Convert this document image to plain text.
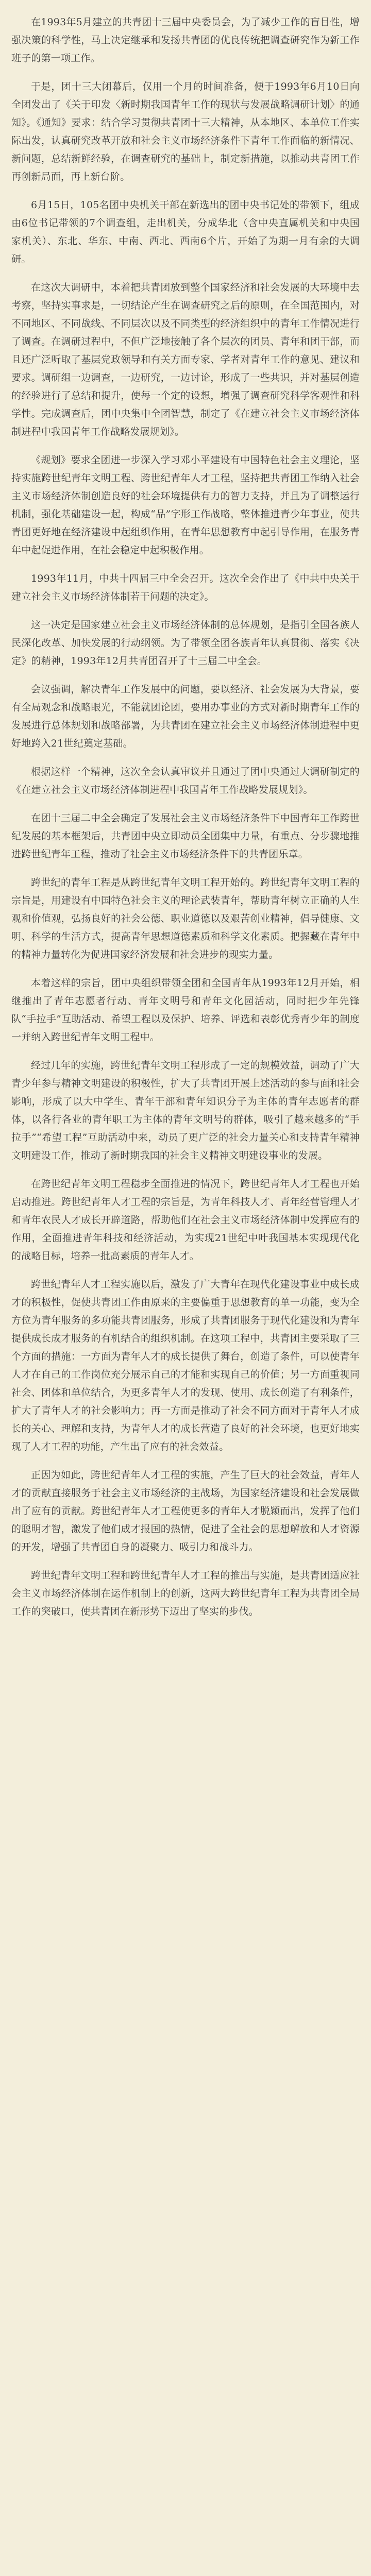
在1993年5月建立的共青团十三届中央委员会，为了减少工作的盲目性，增强决策的科学性，马上决定继承和发扬共青团的优良传统把调查研究作为新工作班子的第一项工作。

于是，团十三大闭幕后，仅用一个月的时间准备，便于1993年6月10日向全团发出了《关于印发〈新时期我国青年工作的现状与发展战略调研计划〉的通知》。《通知》要求：结合学习贯彻共青团十三大精神，从本地区、本单位工作实际出发，认真研究改革开放和社会主义市场经济条件下青年工作面临的新情况、新问题，总结新鲜经验，在调查研究的基础上，制定新措施，以推动共青团工作再创新局面，再上新台阶。

6月15日，105名团中央机关干部在新选出的团中央书记处的带领下，组成由6位书记带领的7个调查组，走出机关，分成华北（含中央直属机关和中央国家机关）、东北、华东、中南、西北、西南6个片，开始了为期一月有余的大调研。

在这次大调研中，本着把共青团放到整个国家经济和社会发展的大环境中去考察，坚持实事求是，一切结论产生在调查研究之后的原则，在全国范围内，对不同地区、不同战线、不同层次以及不同类型的经济组织中的青年工作情况进行了调查。在调研过程中，不但广泛地接触了各个层次的团员、青年和团干部，而且还广泛听取了基层党政领导和有关方面专家、学者对青年工作的意见、建议和要求。调研组一边调查，一边研究，一边讨论，形成了一些共识，并对基层创造的经验进行了总结和提升，使每一个定的设想，增强了调查研究科学客观性和科学性。完成调查后，团中央集中全团智慧，制定了《在建立社会主义市场经济体制进程中我国青年工作战略发展规划》。

《规划》要求全团进一步深入学习邓小平建设有中国特色社会主义理论，坚持实施跨世纪青年文明工程、跨世纪青年人才工程，坚持把共青团工作纳入社会主义市场经济体制创造良好的社会环境提供有力的智力支持，并且为了调整运行机制，强化基础建设一起，构成“品”字形工作战略，整体推进青少年事业，使共青团更好地在经济建设中起组织作用，在青年思想教育中起引导作用，在服务青年中起促进作用，在社会稳定中起积极作用。

1993年11月，中共十四届三中全会召开。这次全会作出了《中共中央关于建立社会主义市场经济体制若干问题的决定》。

这一决定是国家建立社会主义市场经济体制的总体规划，是指引全国各族人民深化改革、加快发展的行动纲领。为了带领全团各族青年认真贯彻、落实《决定》的精神，1993年12月共青团召开了十三届二中全会。

会议强调，解决青年工作发展中的问题，要以经济、社会发展为大背景，要有全局观念和战略眼光，不能就团论团，要用办事业的方式对新时期青年工作的发展进行总体规划和战略部署，为共青团在建立社会主义市场经济体制进程中更好地跨入21世纪奠定基础。

根据这样一个精神，这次全会认真审议并且通过了团中央通过大调研制定的《在建立社会主义市场经济体制进程中我国青年工作战略发展规划》。

在团十三届二中全会确定了发展社会主义市场经济条件下中国青年工作跨世纪发展的基本框架后，共青团中央立即动员全团集中力量，有重点、分步骤地推进跨世纪青年工程，推动了社会主义市场经济条件下的共青团乐章。

跨世纪的青年工程是从跨世纪青年文明工程开始的。跨世纪青年文明工程的宗旨是，用建设有中国特色社会主义的理论武装青年，帮助青年树立正确的人生观和价值观，弘扬良好的社会公德、职业道德以及艰苦创业精神，倡导健康、文明、科学的生活方式，提高青年思想道德素质和科学文化素质。把握藏在青年中的精神力量转化为促进国家经济发展和社会进步的现实力量。

本着这样的宗旨，团中央组织带领全团和全国青年从1993年12月开始，相继推出了青年志愿者行动、青年文明号和青年文化园活动，同时把少年先锋队“手拉手”互助活动、希望工程以及保护、培养、评选和表彰优秀青少年的制度一并纳入跨世纪青年文明工程中。

经过几年的实施，跨世纪青年文明工程形成了一定的规模效益，调动了广大青少年参与精神文明建设的积极性，扩大了共青团开展上述活动的参与面和社会影响，形成了以大中学生、青年干部和青年知识分子为主体的青年志愿者的群体，以各行各业的青年职工为主体的青年文明号的群体，吸引了越来越多的“手拉手”“希望工程”互助活动中来，动员了更广泛的社会力量关心和支持青年精神文明建设工作，推动了新时期我国的社会主义精神文明建设事业的发展。

在跨世纪青年文明工程稳步全面推进的情况下，跨世纪青年人才工程也开始启动推进。跨世纪青年人才工程的宗旨是，为青年科技人才、青年经营管理人才和青年农民人才成长开辟道路，帮助他们在社会主义市场经济体制中发挥应有的作用，全面推进青年科技和经济活动，为实现21世纪中叶我国基本实现现代化的战略目标，培养一批高素质的青年人才。

跨世纪青年人才工程实施以后，激发了广大青年在现代化建设事业中成长成才的积极性，促使共青团工作由原来的主要偏重于思想教育的单一功能，变为全方位为青年服务的多功能共青团服务，形成了共青团服务于现代化建设和为青年提供成长成才服务的有机结合的组织机制。在这项工程中，共青团主要采取了三个方面的措施：一方面为青年人才的成长提供了舞台，创造了条件，可以使青年人才在自己的工作岗位充分展示自己的才能和实现自己的价值；另一方面重视同社会、团体和单位结合，为更多青年人才的发现、使用、成长创造了有利条件，扩大了青年人才的社会影响力；再一方面是推动了社会不同方面对于青年人才成长的关心、理解和支持，为青年人才的成长营造了良好的社会环境，也更好地实现了人才工程的功能，产生出了应有的社会效益。

正因为如此，跨世纪青年人才工程的实施，产生了巨大的社会效益，青年人才的贡献直接服务于社会主义市场经济的主战场，为国家经济建设和社会发展做出了应有的贡献。跨世纪青年人才工程使更多的青年人才脱颖而出，发挥了他们的聪明才智，激发了他们成才报国的热情，促进了全社会的思想解放和人才资源的开发，增强了共青团自身的凝聚力、吸引力和战斗力。

跨世纪青年文明工程和跨世纪青年人才工程的推出与实施，是共青团适应社会主义市场经济体制在运作机制上的创新，这两大跨世纪青年工程为共青团全局工作的突破口，使共青团在新形势下迈出了坚实的步伐。
